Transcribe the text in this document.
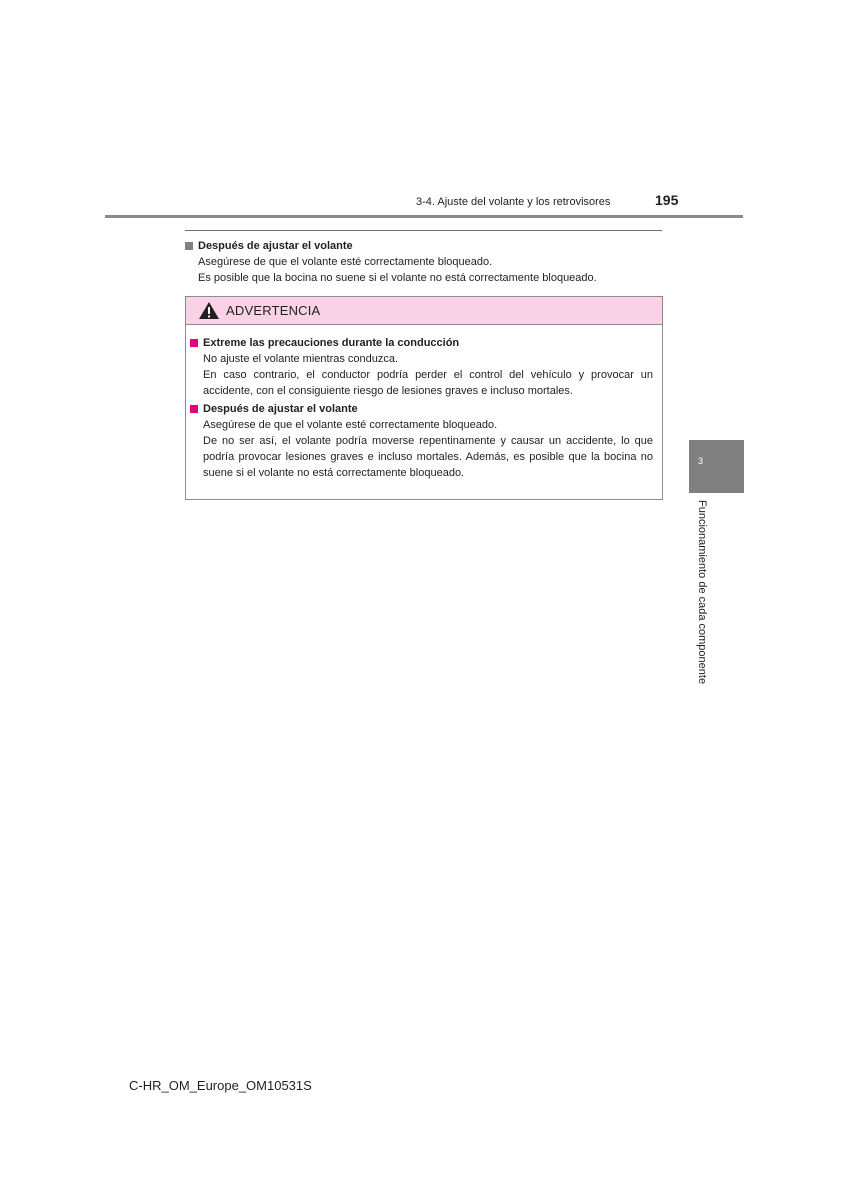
3-4. Ajuste del volante y los retrovisores	195
Después de ajustar el volante
Asegúrese de que el volante esté correctamente bloqueado.
Es posible que la bocina no suene si el volante no está correctamente bloqueado.
ADVERTENCIA
Extreme las precauciones durante la conducción
No ajuste el volante mientras conduzca.
En caso contrario, el conductor podría perder el control del vehículo y provocar un accidente, con el consiguiente riesgo de lesiones graves e incluso mortales.
Después de ajustar el volante
Asegúrese de que el volante esté correctamente bloqueado.
De no ser así, el volante podría moverse repentinamente y causar un accidente, lo que podría provocar lesiones graves e incluso mortales. Además, es posible que la bocina no suene si el volante no está correctamente bloqueado.
3
Funcionamiento de cada componente
C-HR_OM_Europe_OM10531S
